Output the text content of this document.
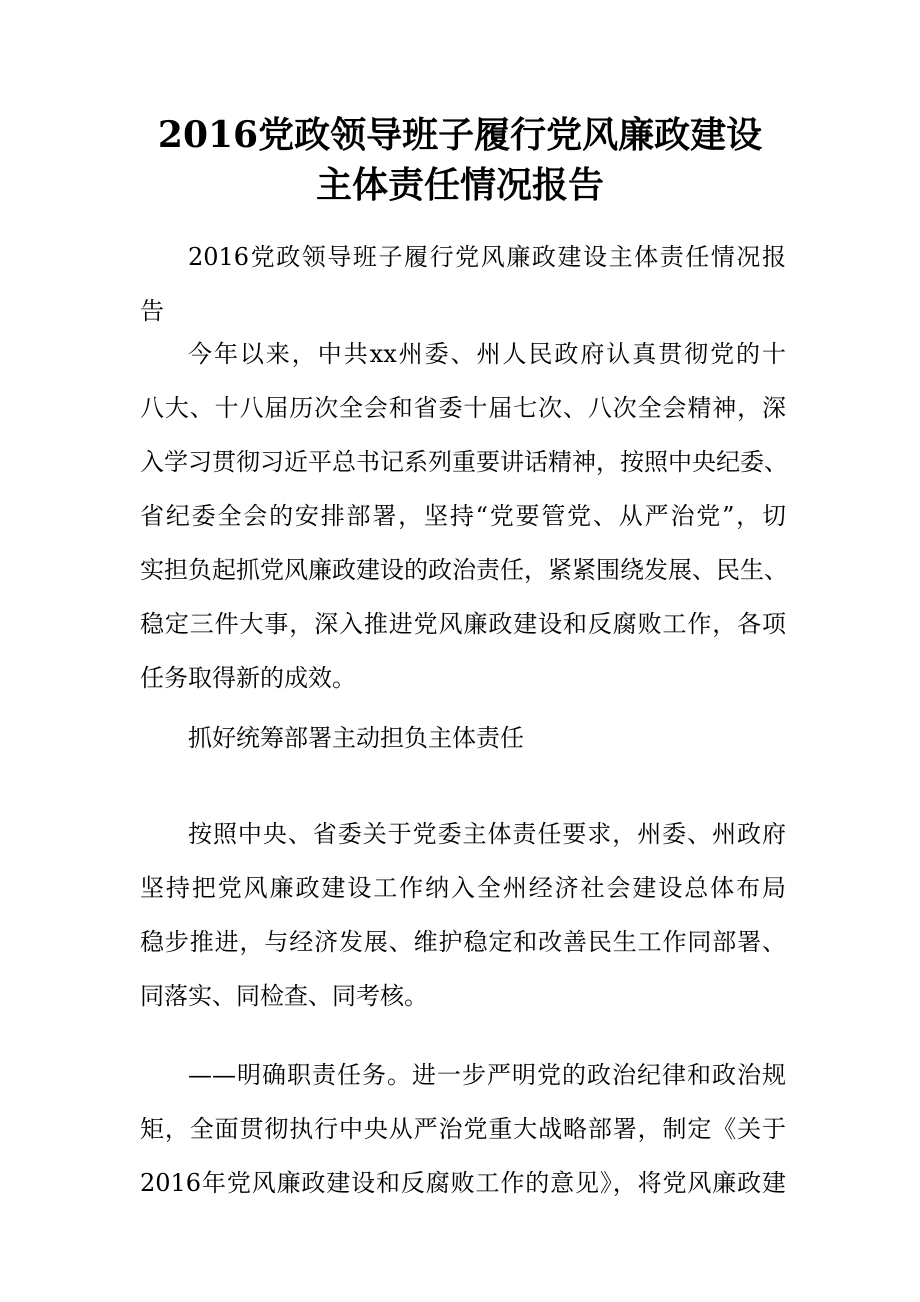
2016党政领导班子履行党风廉政建设
主体责任情况报告
2016党政领导班子履行党风廉政建设主体责任情况报
告
今年以来，中共xx州委、州人民政府认真贯彻党的十
八大、十八届历次全会和省委十届七次、八次全会精神，深
入学习贯彻习近平总书记系列重要讲话精神，按照中央纪委、
省纪委全会的安排部署，坚持“党要管党、从严治党”，切
实担负起抓党风廉政建设的政治责任，紧紧围绕发展、民生、
稳定三件大事，深入推进党风廉政建设和反腐败工作，各项
任务取得新的成效。
抓好统筹部署主动担负主体责任
按照中央、省委关于党委主体责任要求，州委、州政府
坚持把党风廉政建设工作纳入全州经济社会建设总体布局
稳步推进，与经济发展、维护稳定和改善民生工作同部署、
同落实、同检查、同考核。
——明确职责任务。进一步严明党的政治纪律和政治规
矩，全面贯彻执行中央从严治党重大战略部署，制定《关于
2016年党风廉政建设和反腐败工作的意见》，将党风廉政建
